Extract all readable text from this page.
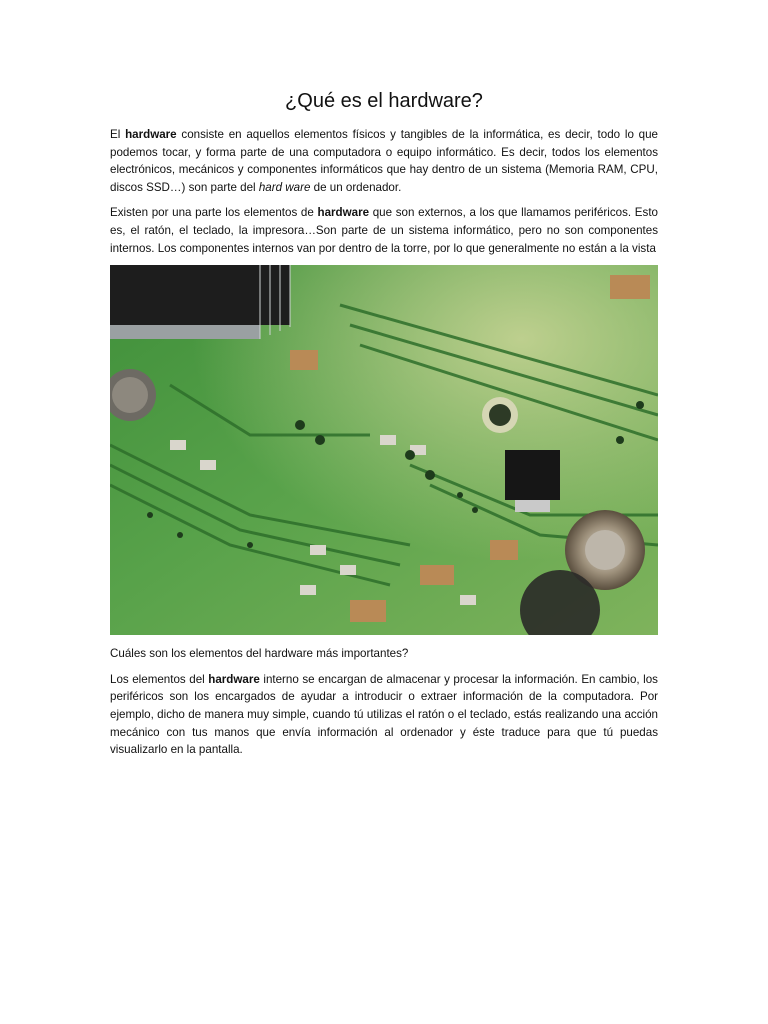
¿Qué es el hardware?

El hardware consiste en aquellos elementos físicos y tangibles de la informática, es decir, todo lo que podemos tocar, y forma parte de una computadora o equipo informático. Es decir, todos los elementos electrónicos, mecánicos y componentes informáticos que hay dentro de un sistema (Memoria RAM, CPU, discos SSD…) son parte del hard ware de un ordenador.

Existen por una parte los elementos de hardware que son externos, a los que llamamos periféricos. Esto es, el ratón, el teclado, la impresora…Son parte de un sistema informático, pero no son componentes internos. Los componentes internos van por dentro de la torre, por lo que generalmente no están a la vista

Cuáles son los elementos del hardware más importantes?

Los elementos del hardware interno se encargan de almacenar y procesar la información. En cambio, los periféricos son los encargados de ayudar a introducir o extraer información de la computadora. Por ejemplo, dicho de manera muy simple, cuando tú utilizas el ratón o el teclado, estás realizando una acción mecánico con tus manos que envía información al ordenador y éste traduce para que tú puedas visualizarlo en la pantalla.
